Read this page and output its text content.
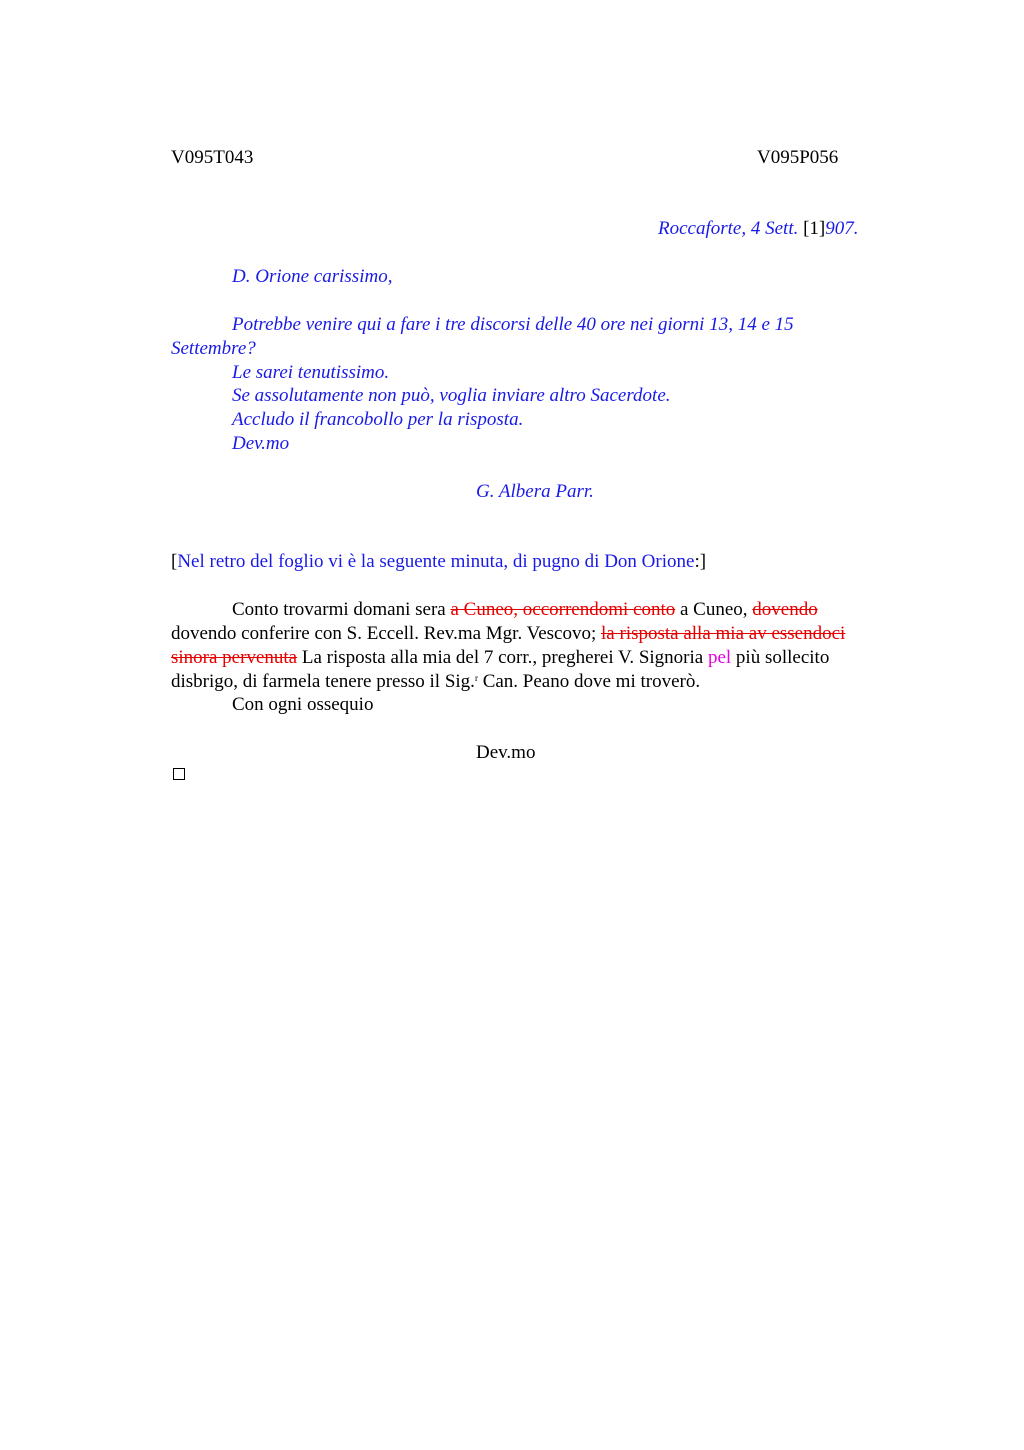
V095T043	V095P056
Roccaforte, 4 Sett. [1]907.
D. Orione carissimo,
Potrebbe venire qui a fare i tre discorsi delle 40 ore nei giorni 13, 14 e 15
Settembre?
Le sarei tenutissimo.
Se assolutamente non può, voglia inviare altro Sacerdote.
Accludo il francobollo per la risposta.
Dev.mo
G. Albera Parr.
[Nel retro del foglio vi è la seguente minuta, di pugno di Don Orione:]
Conto trovarmi domani sera a Cuneo, occorrendomi conto a Cuneo, dovendo
dovendo conferire con S. Eccell. Rev.ma Mgr. Vescovo; la risposta alla mia av essendoci
sinora pervenuta La risposta alla mia del 7 corr., pregherei V. Signoria pel più sollecito
disbrigo, di farmela tenere presso il Sig.$^r$ Can. Peano dove mi troverò.
Con ogni ossequio
Dev.mo
